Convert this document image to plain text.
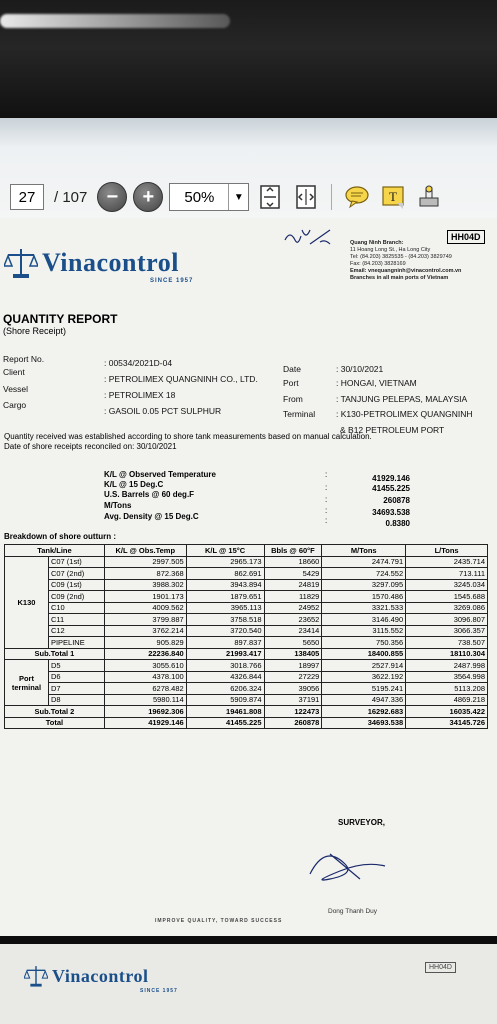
27	/ 107 − +	50%	▼	T
Vinacontrol
SINCE 1957
Quang Ninh Branch:
11 Hoang Long St., Ha Long City
Tel: (84.203) 3825535 - (84.203) 3829749
Fax: (84.203) 3828169
Email: vnequangninh@vinacontrol.com.vn
Branches in all main ports of Vietnam
HH04D
QUANTITY REPORT
(Shore Receipt)
Report No.	: 00534/2021D-04
Client
: PETROLIMEX QUANGNINH CO., LTD.
Vessel
: PETROLIMEX 18
Cargo
: GASOIL 0.05 PCT SULPHUR
Date	: 30/10/2021
Port	: HONGAI, VIETNAM
From	: TANJUNG PELEPAS, MALAYSIA
Terminal : K130-PETROLIMEX QUANGNINH
& B12 PETROLEUM PORT
Quantity received was established according to shore tank measurements based on manual calculation.
Date of shore receipts reconciled on: 30/10/2021
K/L @ Observed Temperature	:	41929.146
K/L @ 15 Deg.C	:	41455.225
U.S. Barrels @ 60 deg.F
:	260878
M/Tons
:	34693.538
Avg. Density @ 15 Deg.C	:	0.8380
Breakdown of shore outturn :
Tank/Line		K/L @ Obs.Temp	K/L @ 15°C	Bbls @ 60°F	M/Tons	L/Tons
K130	C07 (1st)	2997.505	2965.173	18660	2474.791	2435.714
	C07 (2nd)	872.368	862.691	5429	724.552	713.111
	C09 (1st)	3988.302	3943.894	24819	3297.095	3245.034
	C09 (2nd)	1901.173	1879.651	11829	1570.486	1545.688
	C10	4009.562	3965.113	24952	3321.533	3269.086
	C11	3799.887	3758.518	23652	3146.490	3096.807
	C12	3762.214	3720.540	23414	3115.552	3066.357
	PIPELINE	905.829	897.837	5650	750.356	738.507
Sub.Total 1		22236.840	21993.417	138405	18400.855	18110.304
Port terminal	D5	3055.610	3018.766	18997	2527.914	2487.998
	D6	4378.100	4326.844	27229	3622.192	3564.998
	D7	6278.482	6206.324	39056	5195.241	5113.208
	D8	5980.114	5909.874	37191	4947.336	4869.218
Sub.Total 2		19692.306	19461.808	122473	16292.683	16035.422
Total		41929.146	41455.225	260878	34693.538	34145.726
SURVEYOR,
Dong Thanh Duy
IMPROVE QUALITY, TOWARD SUCCESS
Vinacontrol
SINCE 1957
HH04D
